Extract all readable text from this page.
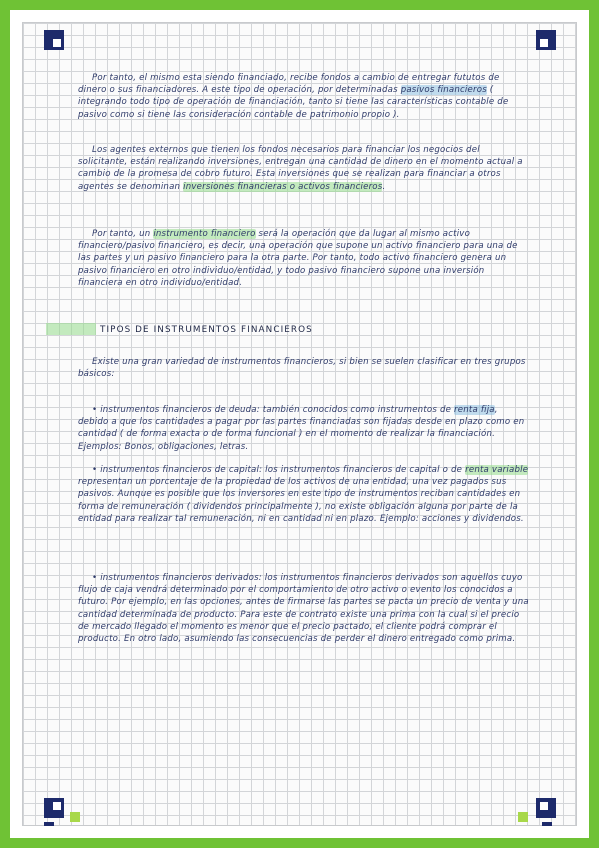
Por tanto, el mismo esta siendo financiado, recibe fondos a cambio de entregar fututos de dinero o sus financiadores. A este tipo de operación, por determinadas pasivos financieros ( integrando todo tipo de operación de financiación, tanto si tiene las características contable de pasivo como si tiene las consideración contable de patrimonio propio ).

Los agentes externos que tienen los fondos necesarios para financiar los negocios del solicitante, están realizando inversiones, entregan una cantidad de dinero en el momento actual a cambio de la promesa de cobro futuro. Esta inversiones que se realizan para financiar a otros agentes se denominan inversiones financieras o activos financieros.

Por tanto, un instrumento financiero será la operación que da lugar al mismo activo financiero/pasivo financiero, es decir, una operación que supone un activo financiero para una de las partes y un pasivo financiero para la otra parte. Por tanto, todo activo financiero genera un pasivo financiero en otro individuo/entidad, y todo pasivo financiero supone una inversión financiera en otro individuo/entidad.

TIPOS DE INSTRUMENTOS FINANCIEROS

Existe una gran variedad de instrumentos financieros, si bien se suelen clasificar en tres grupos básicos:

• instrumentos financieros de deuda: también conocidos como instrumentos de renta fija, debido a que los cantidades a pagar por las partes financiadas son fijadas desde en plazo como en cantidad ( de forma exacta o de forma funcional ) en el momento de realizar la financiación. Ejemplos: Bonos, obligaciones, letras.

• instrumentos financieros de capital: los instrumentos financieros de capital o de renta variable representan un porcentaje de la propiedad de los activos de una entidad, una vez pagados sus pasivos. Aunque es posible que los inversores en este tipo de instrumentos reciban cantidades en forma de remuneración ( dividendos principalmente ), no existe obligación alguna por parte de la entidad para realizar tal remuneración, ni en cantidad ni en plazo. Ejemplo: acciones y dividendos.

• instrumentos financieros derivados: los instrumentos financieros derivados son aquellos cuyo flujo de caja vendrá determinado por el comportamiento de otro activo o evento los conocidos a futuro. Por ejemplo, en las opciones, antes de firmarse las partes se pacta un precio de venta y una cantidad determinada de producto. Para este de contrato existe una prima con la cual si el precio de mercado llegado el momento es menor que el precio pactado, el cliente podrá comprar el producto. En otro lado, asumiendo las consecuencias de perder el dinero entregado como prima.
